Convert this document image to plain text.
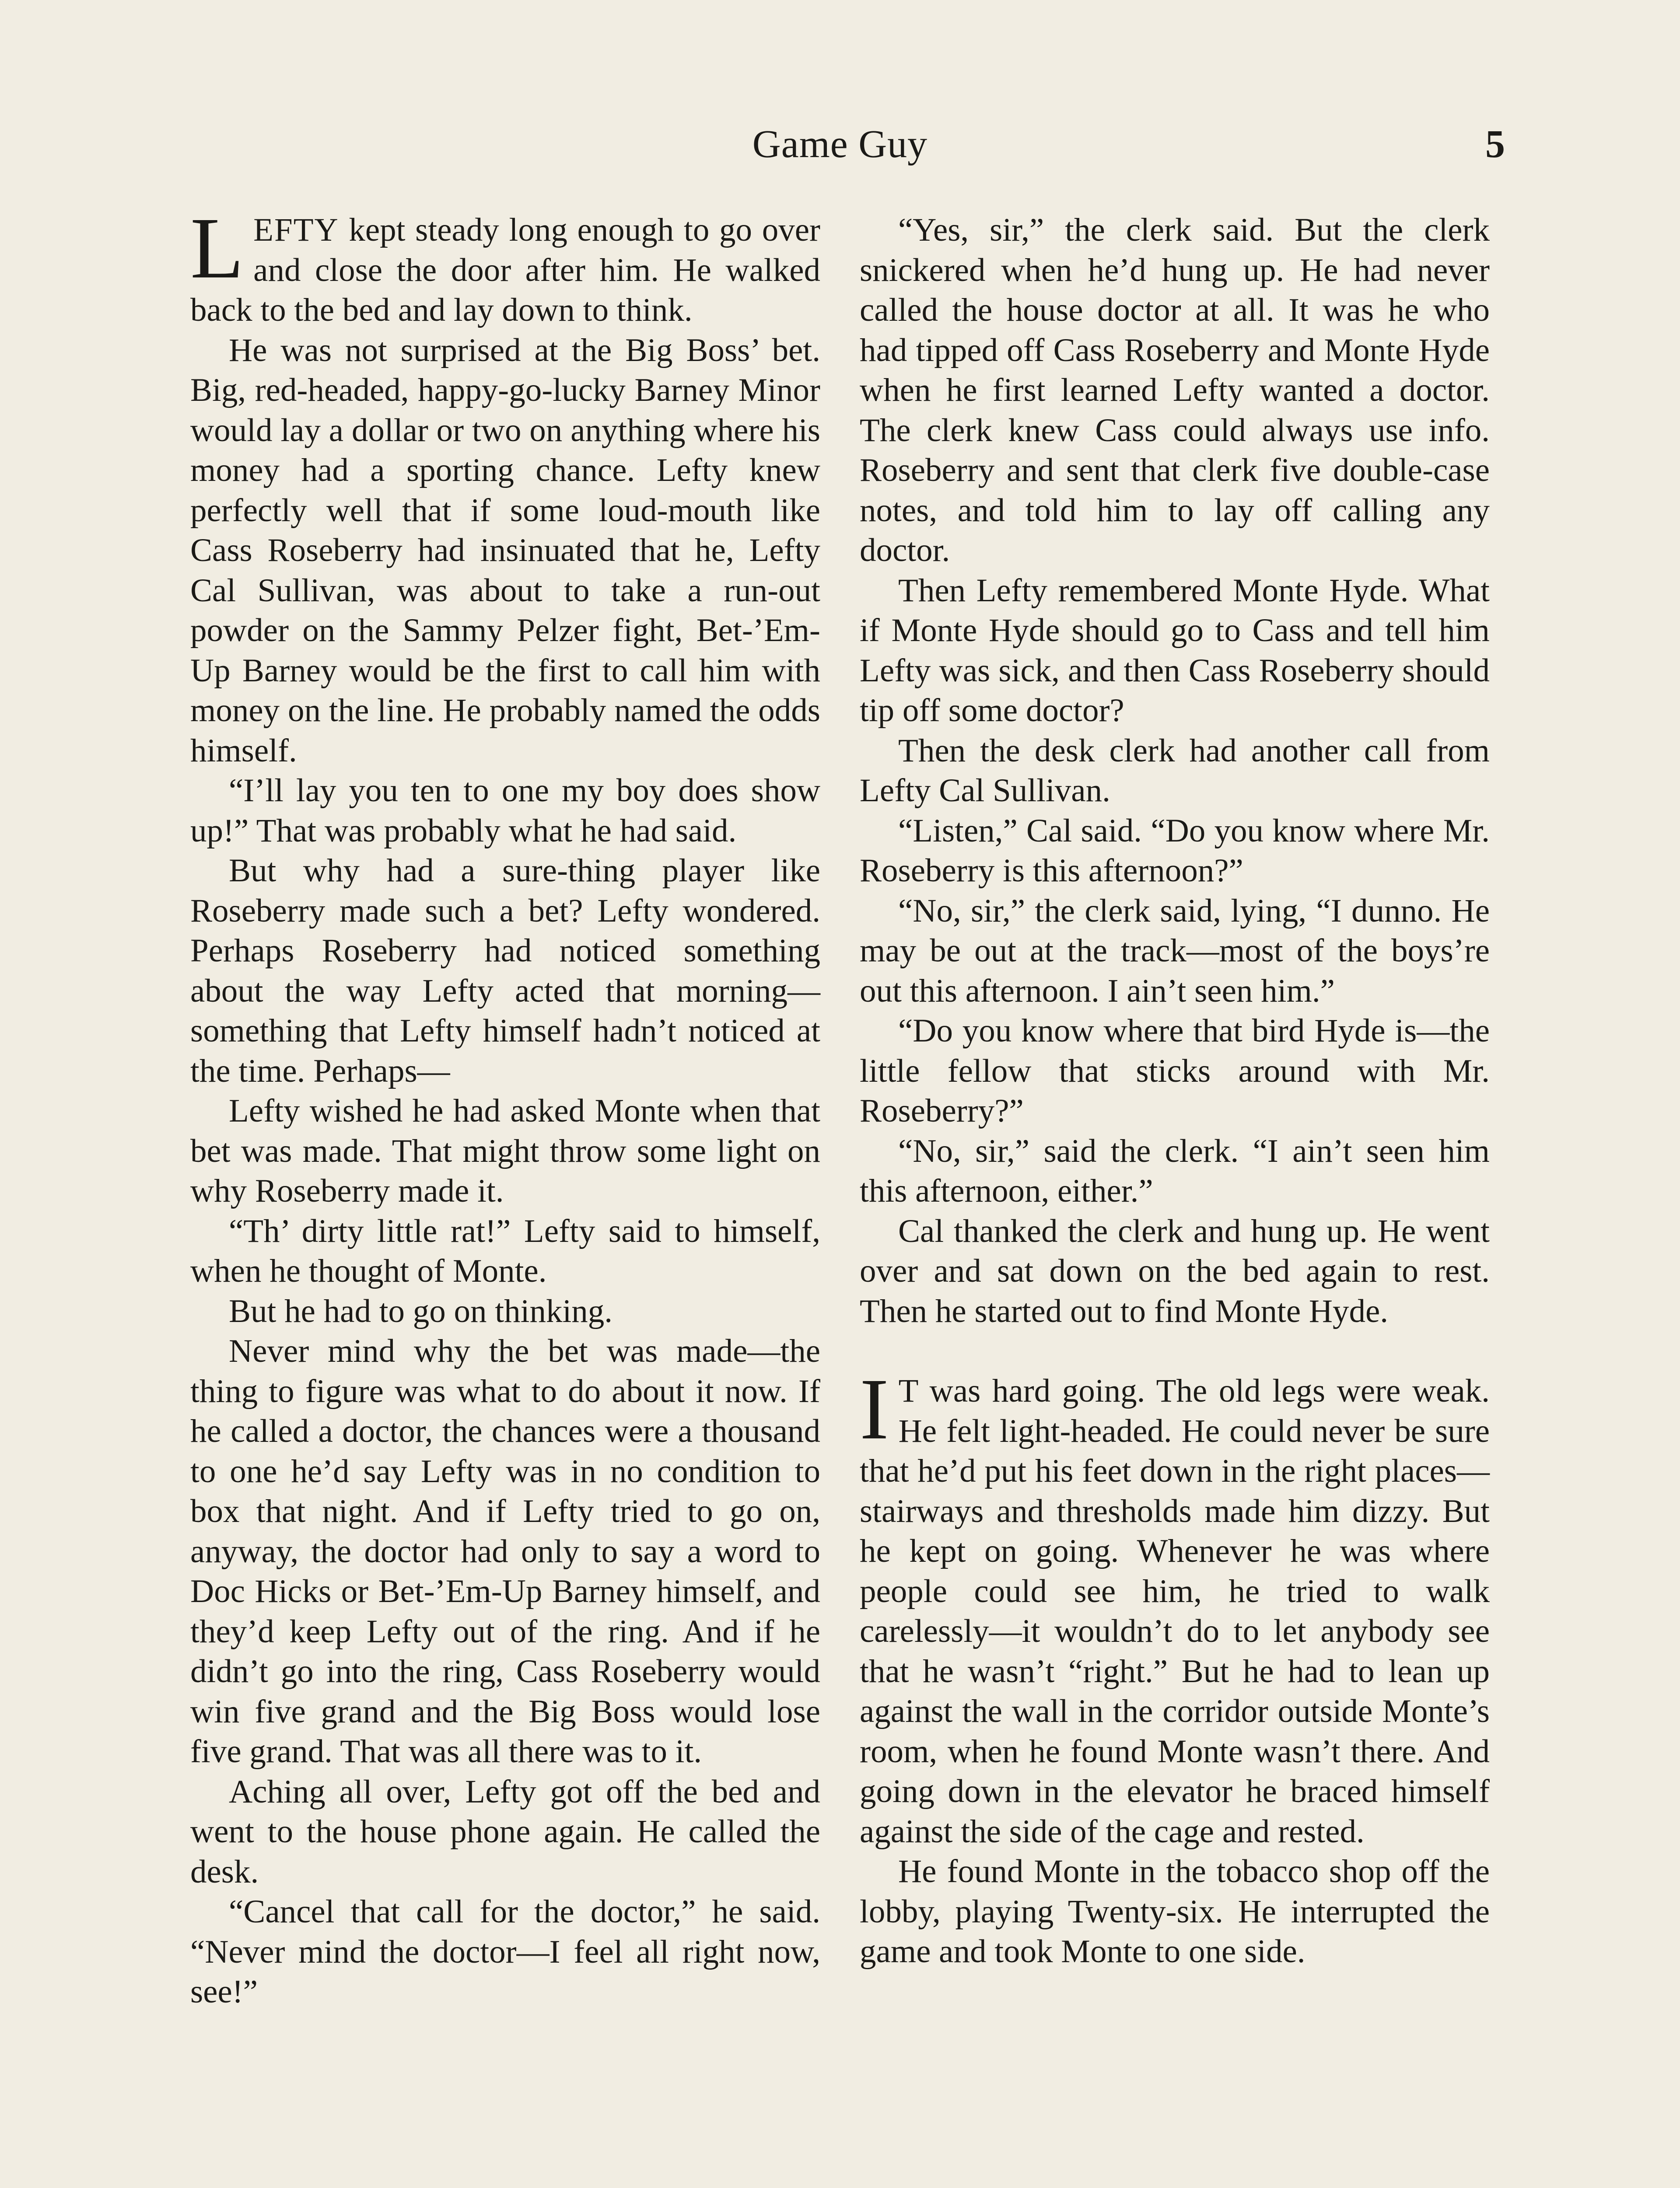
Game Guy	5

LEFTY kept steady long enough to go over and close the door after him. He walked back to the bed and lay down to think.

He was not surprised at the Big Boss’ bet. Big, red-headed, happy-go-lucky Barney Minor would lay a dollar or two on anything where his money had a sporting chance. Lefty knew perfectly well that if some loud-mouth like Cass Roseberry had insinuated that he, Lefty Cal Sullivan, was about to take a run-out powder on the Sammy Pelzer fight, Bet-’Em-Up Barney would be the first to call him with money on the line. He probably named the odds himself.

“I’ll lay you ten to one my boy does show up!” That was probably what he had said.

But why had a sure-thing player like Roseberry made such a bet? Lefty wondered. Perhaps Roseberry had noticed something about the way Lefty acted that morning—something that Lefty himself hadn’t noticed at the time. Perhaps—

Lefty wished he had asked Monte when that bet was made. That might throw some light on why Roseberry made it.

“Th’ dirty little rat!” Lefty said to himself, when he thought of Monte.

But he had to go on thinking.

Never mind why the bet was made—the thing to figure was what to do about it now. If he called a doctor, the chances were a thousand to one he’d say Lefty was in no condition to box that night. And if Lefty tried to go on, anyway, the doctor had only to say a word to Doc Hicks or Bet-’Em-Up Barney himself, and they’d keep Lefty out of the ring. And if he didn’t go into the ring, Cass Roseberry would win five grand and the Big Boss would lose five grand. That was all there was to it.

Aching all over, Lefty got off the bed and went to the house phone again. He called the desk.

“Cancel that call for the doctor,” he said. “Never mind the doctor—I feel all right now, see!”

“Yes, sir,” the clerk said. But the clerk snickered when he’d hung up. He had never called the house doctor at all. It was he who had tipped off Cass Roseberry and Monte Hyde when he first learned Lefty wanted a doctor. The clerk knew Cass could always use info. Roseberry and sent that clerk five double-case notes, and told him to lay off calling any doctor.

Then Lefty remembered Monte Hyde. What if Monte Hyde should go to Cass and tell him Lefty was sick, and then Cass Roseberry should tip off some doctor?

Then the desk clerk had another call from Lefty Cal Sullivan.

“Listen,” Cal said. “Do you know where Mr. Roseberry is this afternoon?”

“No, sir,” the clerk said, lying, “I dunno. He may be out at the track—most of the boys’re out this afternoon. I ain’t seen him.”

“Do you know where that bird Hyde is—the little fellow that sticks around with Mr. Roseberry?”

“No, sir,” said the clerk. “I ain’t seen him this afternoon, either.”

Cal thanked the clerk and hung up. He went over and sat down on the bed again to rest. Then he started out to find Monte Hyde.

I T was hard going. The old legs were weak. He felt light-headed. He could never be sure that he’d put his feet down in the right places—stairways and thresholds made him dizzy. But he kept on going. Whenever he was where people could see him, he tried to walk carelessly—it wouldn’t do to let anybody see that he wasn’t “right.” But he had to lean up against the wall in the corridor outside Monte’s room, when he found Monte wasn’t there. And going down in the elevator he braced himself against the side of the cage and rested.

He found Monte in the tobacco shop off the lobby, playing Twenty-six. He interrupted the game and took Monte to one side.
